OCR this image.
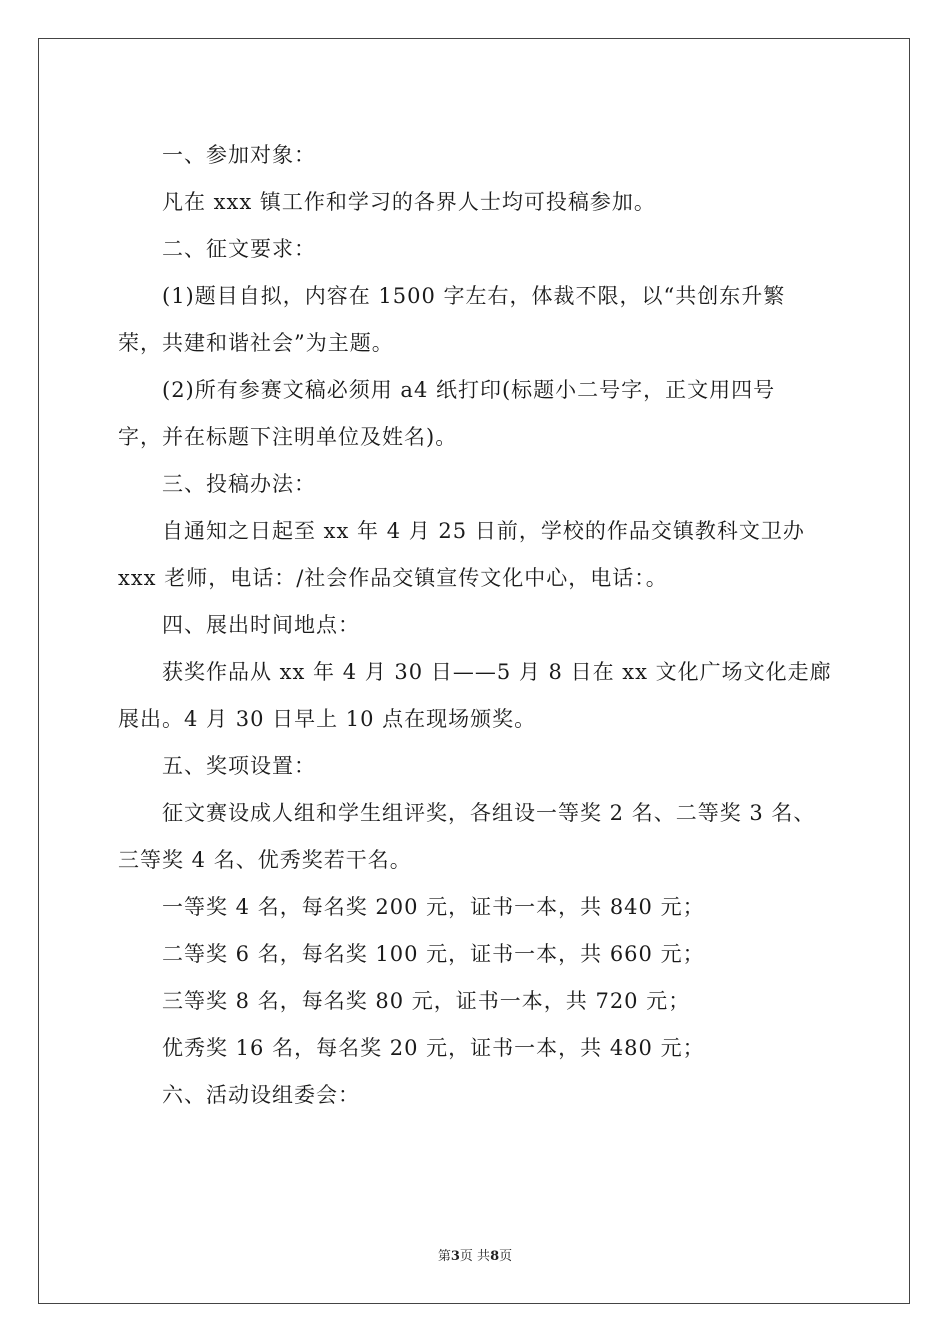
一、参加对象：

凡在 xxx 镇工作和学习的各界人士均可投稿参加。

二、征文要求：

(1)题目自拟，内容在 1500 字左右，体裁不限，以“共创东升繁

荣，共建和谐社会”为主题。

(2)所有参赛文稿必须用 a4 纸打印(标题小二号字，正文用四号

字，并在标题下注明单位及姓名)。

三、投稿办法：

自通知之日起至 xx 年 4 月 25 日前，学校的作品交镇教科文卫办

xxx 老师，电话：/社会作品交镇宣传文化中心，电话：。

四、展出时间地点：

获奖作品从 xx 年 4 月 30 日——5 月 8 日在 xx 文化广场文化走廊

展出。4 月 30 日早上 10 点在现场颁奖。

五、奖项设置：

征文赛设成人组和学生组评奖，各组设一等奖 2 名、二等奖 3 名、

三等奖 4 名、优秀奖若干名。

一等奖 4 名，每名奖 200 元，证书一本，共 840 元；

二等奖 6 名，每名奖 100 元，证书一本，共 660 元；

三等奖 8 名，每名奖 80 元，证书一本，共 720 元；

优秀奖 16 名，每名奖 20 元，证书一本，共 480 元；

六、活动设组委会：

第3页 共8页
